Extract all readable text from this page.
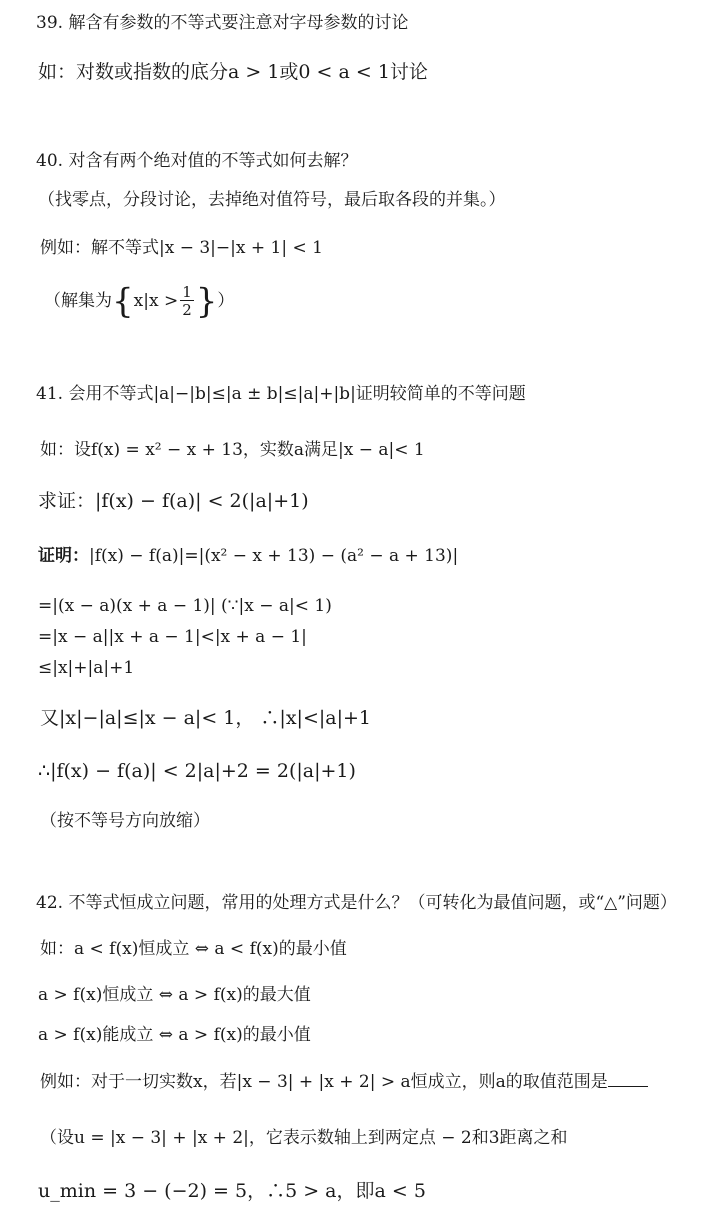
39. 解含有参数的不等式要注意对字母参数的讨论
如：对数或指数的底分a > 1或0 < a < 1讨论
40. 对含有两个绝对值的不等式如何去解？
（找零点，分段讨论，去掉绝对值符号，最后取各段的并集。）
例如：解不等式|x − 3|−|x + 1| < 1
（解集为{$x|x > \frac{1}{2}$ }）
41. 会用不等式|a|−|b|≤|a ± b|≤|a|+|b|证明较简单的不等问题
如：设f(x) = x² − x + 13，实数a满足|x − a|< 1
求证：|f(x) − f(a)| < 2(|a|+1)
证明：|f(x) − f(a)|=|(x² − x + 13) − (a² − a + 13)|
=|(x − a)(x + a − 1)| (∵|x − a|< 1)
=|x − a||x + a − 1|<|x + a − 1|
≤|x|+|a|+1
又|x|−|a|≤|x − a|< 1， ∴|x|<|a|+1
∴|f(x) − f(a)| < 2|a|+2 = 2(|a|+1)
（按不等号方向放缩）
42. 不等式恒成立问题，常用的处理方式是什么？（可转化为最值问题，或“△”问题）
如：a < f(x)恒成立 ⇔ a < f(x)的最小值
a > f(x)恒成立 ⇔ a > f(x)的最大值
a > f(x)能成立 ⇔ a > f(x)的最小值
例如：对于一切实数x，若|x − 3| + |x + 2| > a恒成立，则a的取值范围是
（设u = |x − 3| + |x + 2|，它表示数轴上到两定点 − 2和3距离之和
u_min = 3 − (−2) = 5，∴5 > a，即a < 5
